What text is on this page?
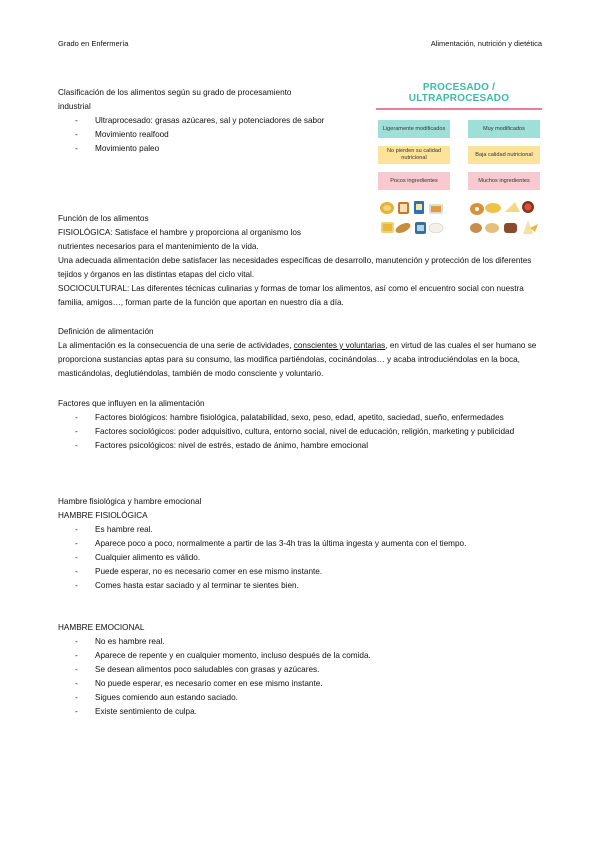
Grado en Enfermería	Alimentación, nutrición y dietética

Clasificación de los alimentos según su grado de procesamiento

industrial

- Ultraprocesado: grasas azúcares, sal y potenciadores de sabor
- Movimiento realfood
- Movimiento paleo
PROCESADO / ULTRAPROCESADO
Ligeramente modificados	Muy modificados
No pierden su calidad nutricional
Baja calidad nutricional
Pocos ingredientes	Muchos ingredientes

Función de los alimentos

FISIOLÓGICA: Satisface el hambre y proporciona al organismo los

nutrientes necesarios para el mantenimiento de la vida.

Una adecuada alimentación debe satisfacer las necesidades específicas de desarrollo, manutención y protección de los diferentes tejidos y órganos en las distintas etapas del ciclo vital.

SOCIOCULTURAL: Las diferentes técnicas culinarias y formas de tomar los alimentos, así como el encuentro social con nuestra familia, amigos…, forman parte de la función que aportan en nuestro día a día.

Definición de alimentación

La alimentación es la consecuencia de una serie de actividades, conscientes y voluntarias, en virtud de las cuales el ser humano se proporciona sustancias aptas para su consumo, las modifica partiéndolas, cocinándolas… y acaba introduciéndolas en la boca, masticándolas, deglutiéndolas, también de modo consciente y voluntario.

Factores que influyen en la alimentación

- Factores biológicos: hambre fisiológica, palatabilidad, sexo, peso, edad, apetito, saciedad, sueño, enfermedades
- Factores sociológicos: poder adquisitivo, cultura, entorno social, nivel de educación, religión, marketing y publicidad
- Factores psicológicos: nivel de estrés, estado de ánimo, hambre emocional

Hambre fisiológica y hambre emocional

HAMBRE FISIOLÓGICA

- Es hambre real.
- Aparece poco a poco, normalmente a partir de las 3-4h tras la última ingesta y aumenta con el tiempo.
- Cualquier alimento es válido.
- Puede esperar, no es necesario comer en ese mismo instante.
- Comes hasta estar saciado y al terminar te sientes bien.

HAMBRE EMOCIONAL

- No es hambre real.
- Aparece de repente y en cualquier momento, incluso después de la comida.
- Se desean alimentos poco saludables con grasas y azúcares.
- No puede esperar, es necesario comer en ese mismo instante.
- Sigues comiendo aun estando saciado.
- Existe sentimiento de culpa.
